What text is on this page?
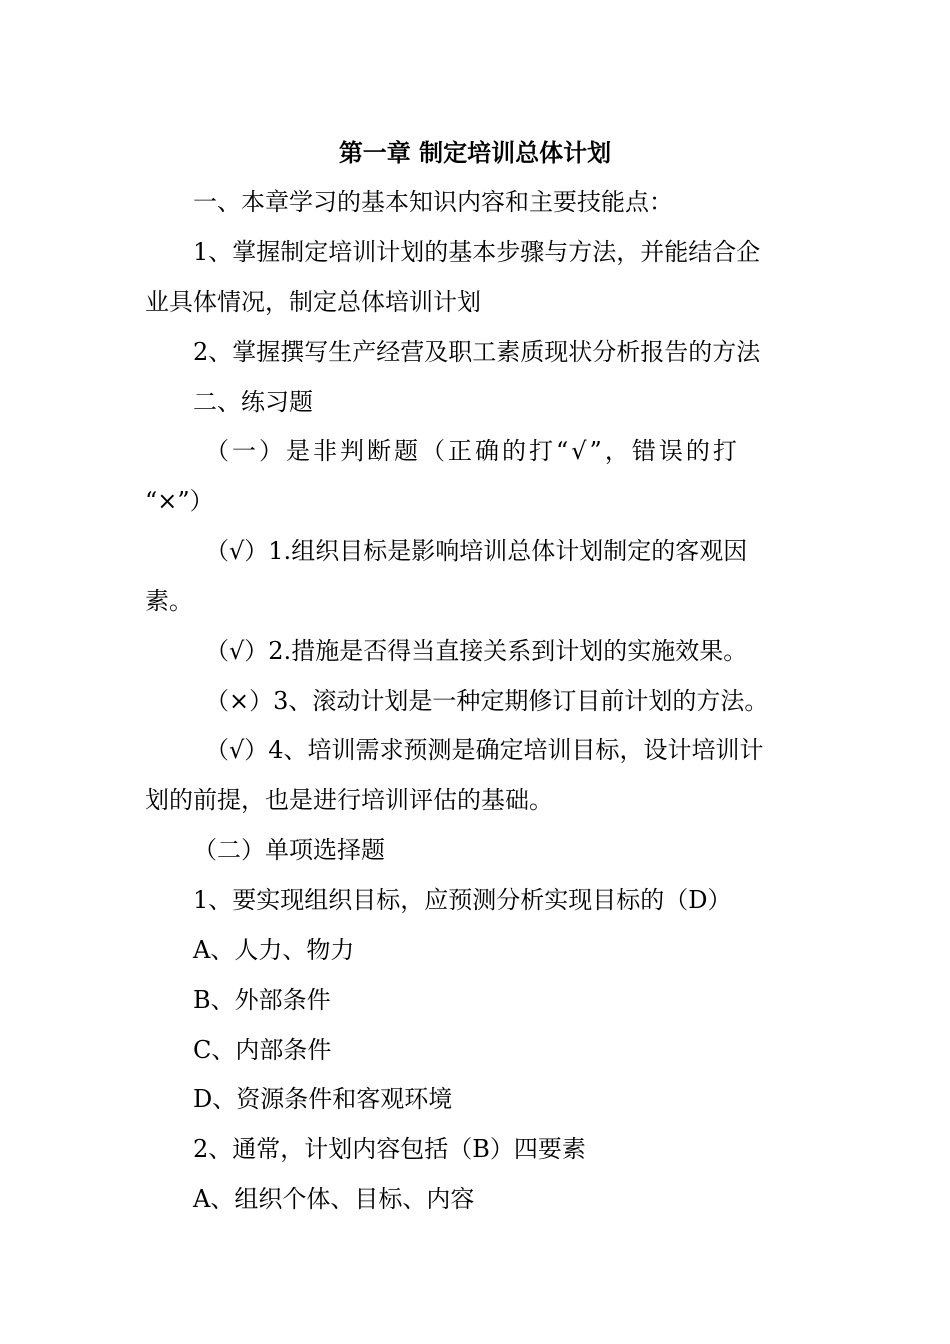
第一章 制定培训总体计划
一、本章学习的基本知识内容和主要技能点：
1、掌握制定培训计划的基本步骤与方法，并能结合企
业具体情况，制定总体培训计划
2、掌握撰写生产经营及职工素质现状分析报告的方法
二、练习题
（一）是非判断题（正确的打“√”，错误的打
“×”）
（√）1.组织目标是影响培训总体计划制定的客观因
素。
（√）2.措施是否得当直接关系到计划的实施效果。
（×）3、滚动计划是一种定期修订目前计划的方法。
（√）4、培训需求预测是确定培训目标，设计培训计
划的前提，也是进行培训评估的基础。
（二）单项选择题
1、要实现组织目标，应预测分析实现目标的（D）
A、人力、物力
B、外部条件
C、内部条件
D、资源条件和客观环境
2、通常，计划内容包括（B）四要素
A、组织个体、目标、内容
